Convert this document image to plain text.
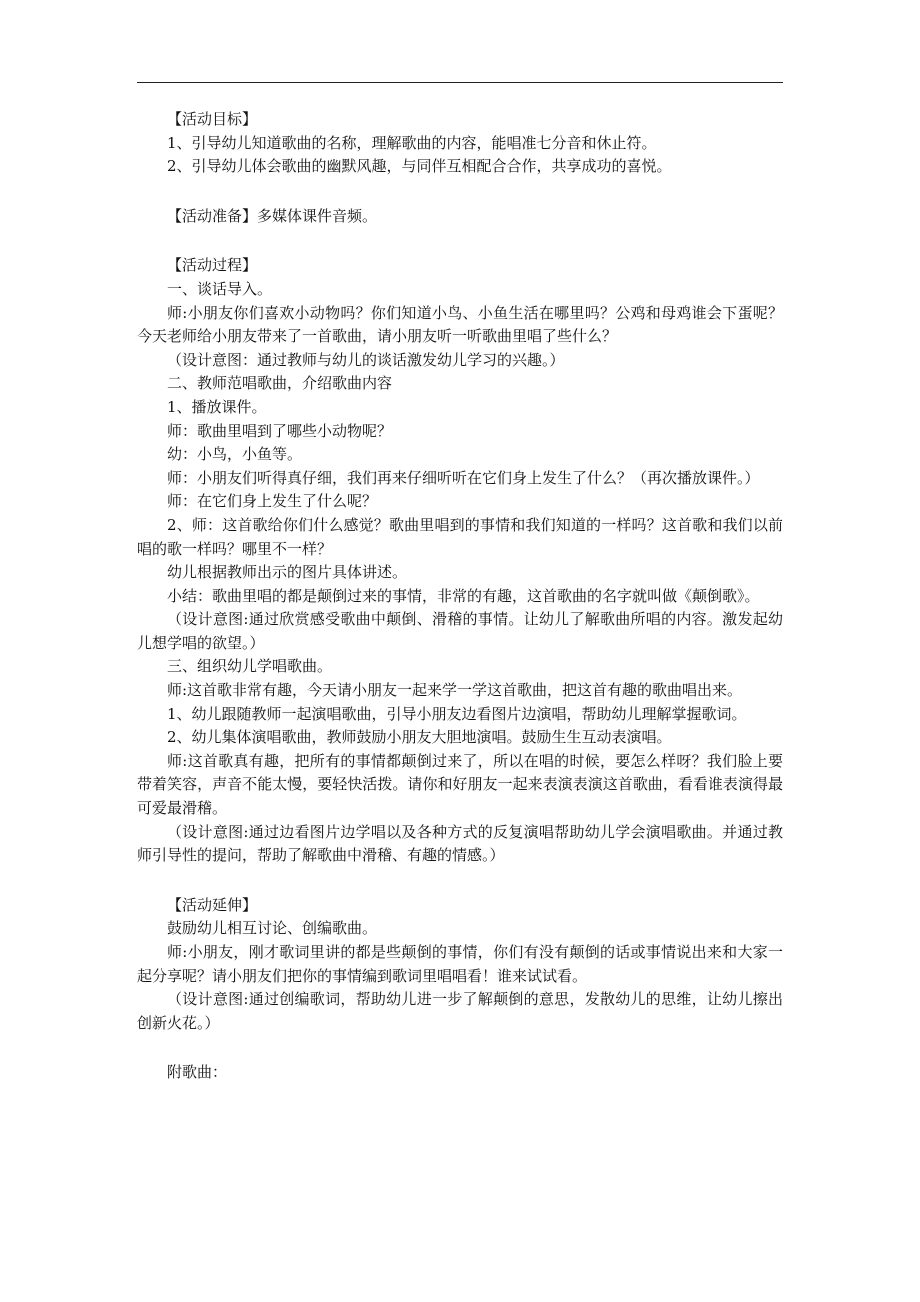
【活动目标】

1、引导幼儿知道歌曲的名称，理解歌曲的内容，能唱准七分音和休止符。

2、引导幼儿体会歌曲的幽默风趣，与同伴互相配合合作，共享成功的喜悦。

【活动准备】多媒体课件音频。

【活动过程】

一、谈话导入。

师:小朋友你们喜欢小动物吗？你们知道小鸟、小鱼生活在哪里吗？公鸡和母鸡谁会下蛋呢？今天老师给小朋友带来了一首歌曲，请小朋友听一听歌曲里唱了些什么？

（设计意图：通过教师与幼儿的谈话激发幼儿学习的兴趣。）

二、教师范唱歌曲，介绍歌曲内容

1、播放课件。

师：歌曲里唱到了哪些小动物呢？

幼：小鸟，小鱼等。

师：小朋友们听得真仔细，我们再来仔细听听在它们身上发生了什么？（再次播放课件。）

师：在它们身上发生了什么呢？

2、师：这首歌给你们什么感觉？歌曲里唱到的事情和我们知道的一样吗？这首歌和我们以前唱的歌一样吗？哪里不一样？

幼儿根据教师出示的图片具体讲述。

小结：歌曲里唱的都是颠倒过来的事情，非常的有趣，这首歌曲的名字就叫做《颠倒歌》。

（设计意图:通过欣赏感受歌曲中颠倒、滑稽的事情。让幼儿了解歌曲所唱的内容。激发起幼儿想学唱的欲望。）

三、组织幼儿学唱歌曲。

师:这首歌非常有趣，今天请小朋友一起来学一学这首歌曲，把这首有趣的歌曲唱出来。

1、幼儿跟随教师一起演唱歌曲，引导小朋友边看图片边演唱，帮助幼儿理解掌握歌词。

2、幼儿集体演唱歌曲，教师鼓励小朋友大胆地演唱。鼓励生生互动表演唱。

师:这首歌真有趣，把所有的事情都颠倒过来了，所以在唱的时候，要怎么样呀？我们脸上要带着笑容，声音不能太慢，要轻快活拨。请你和好朋友一起来表演表演这首歌曲，看看谁表演得最可爱最滑稽。

（设计意图:通过边看图片边学唱以及各种方式的反复演唱帮助幼儿学会演唱歌曲。并通过教师引导性的提问，帮助了解歌曲中滑稽、有趣的情感。）

【活动延伸】

鼓励幼儿相互讨论、创编歌曲。

师:小朋友，刚才歌词里讲的都是些颠倒的事情，你们有没有颠倒的话或事情说出来和大家一起分享呢？请小朋友们把你的事情编到歌词里唱唱看！谁来试试看。

（设计意图:通过创编歌词，帮助幼儿进一步了解颠倒的意思，发散幼儿的思维，让幼儿擦出创新火花。）

附歌曲：
